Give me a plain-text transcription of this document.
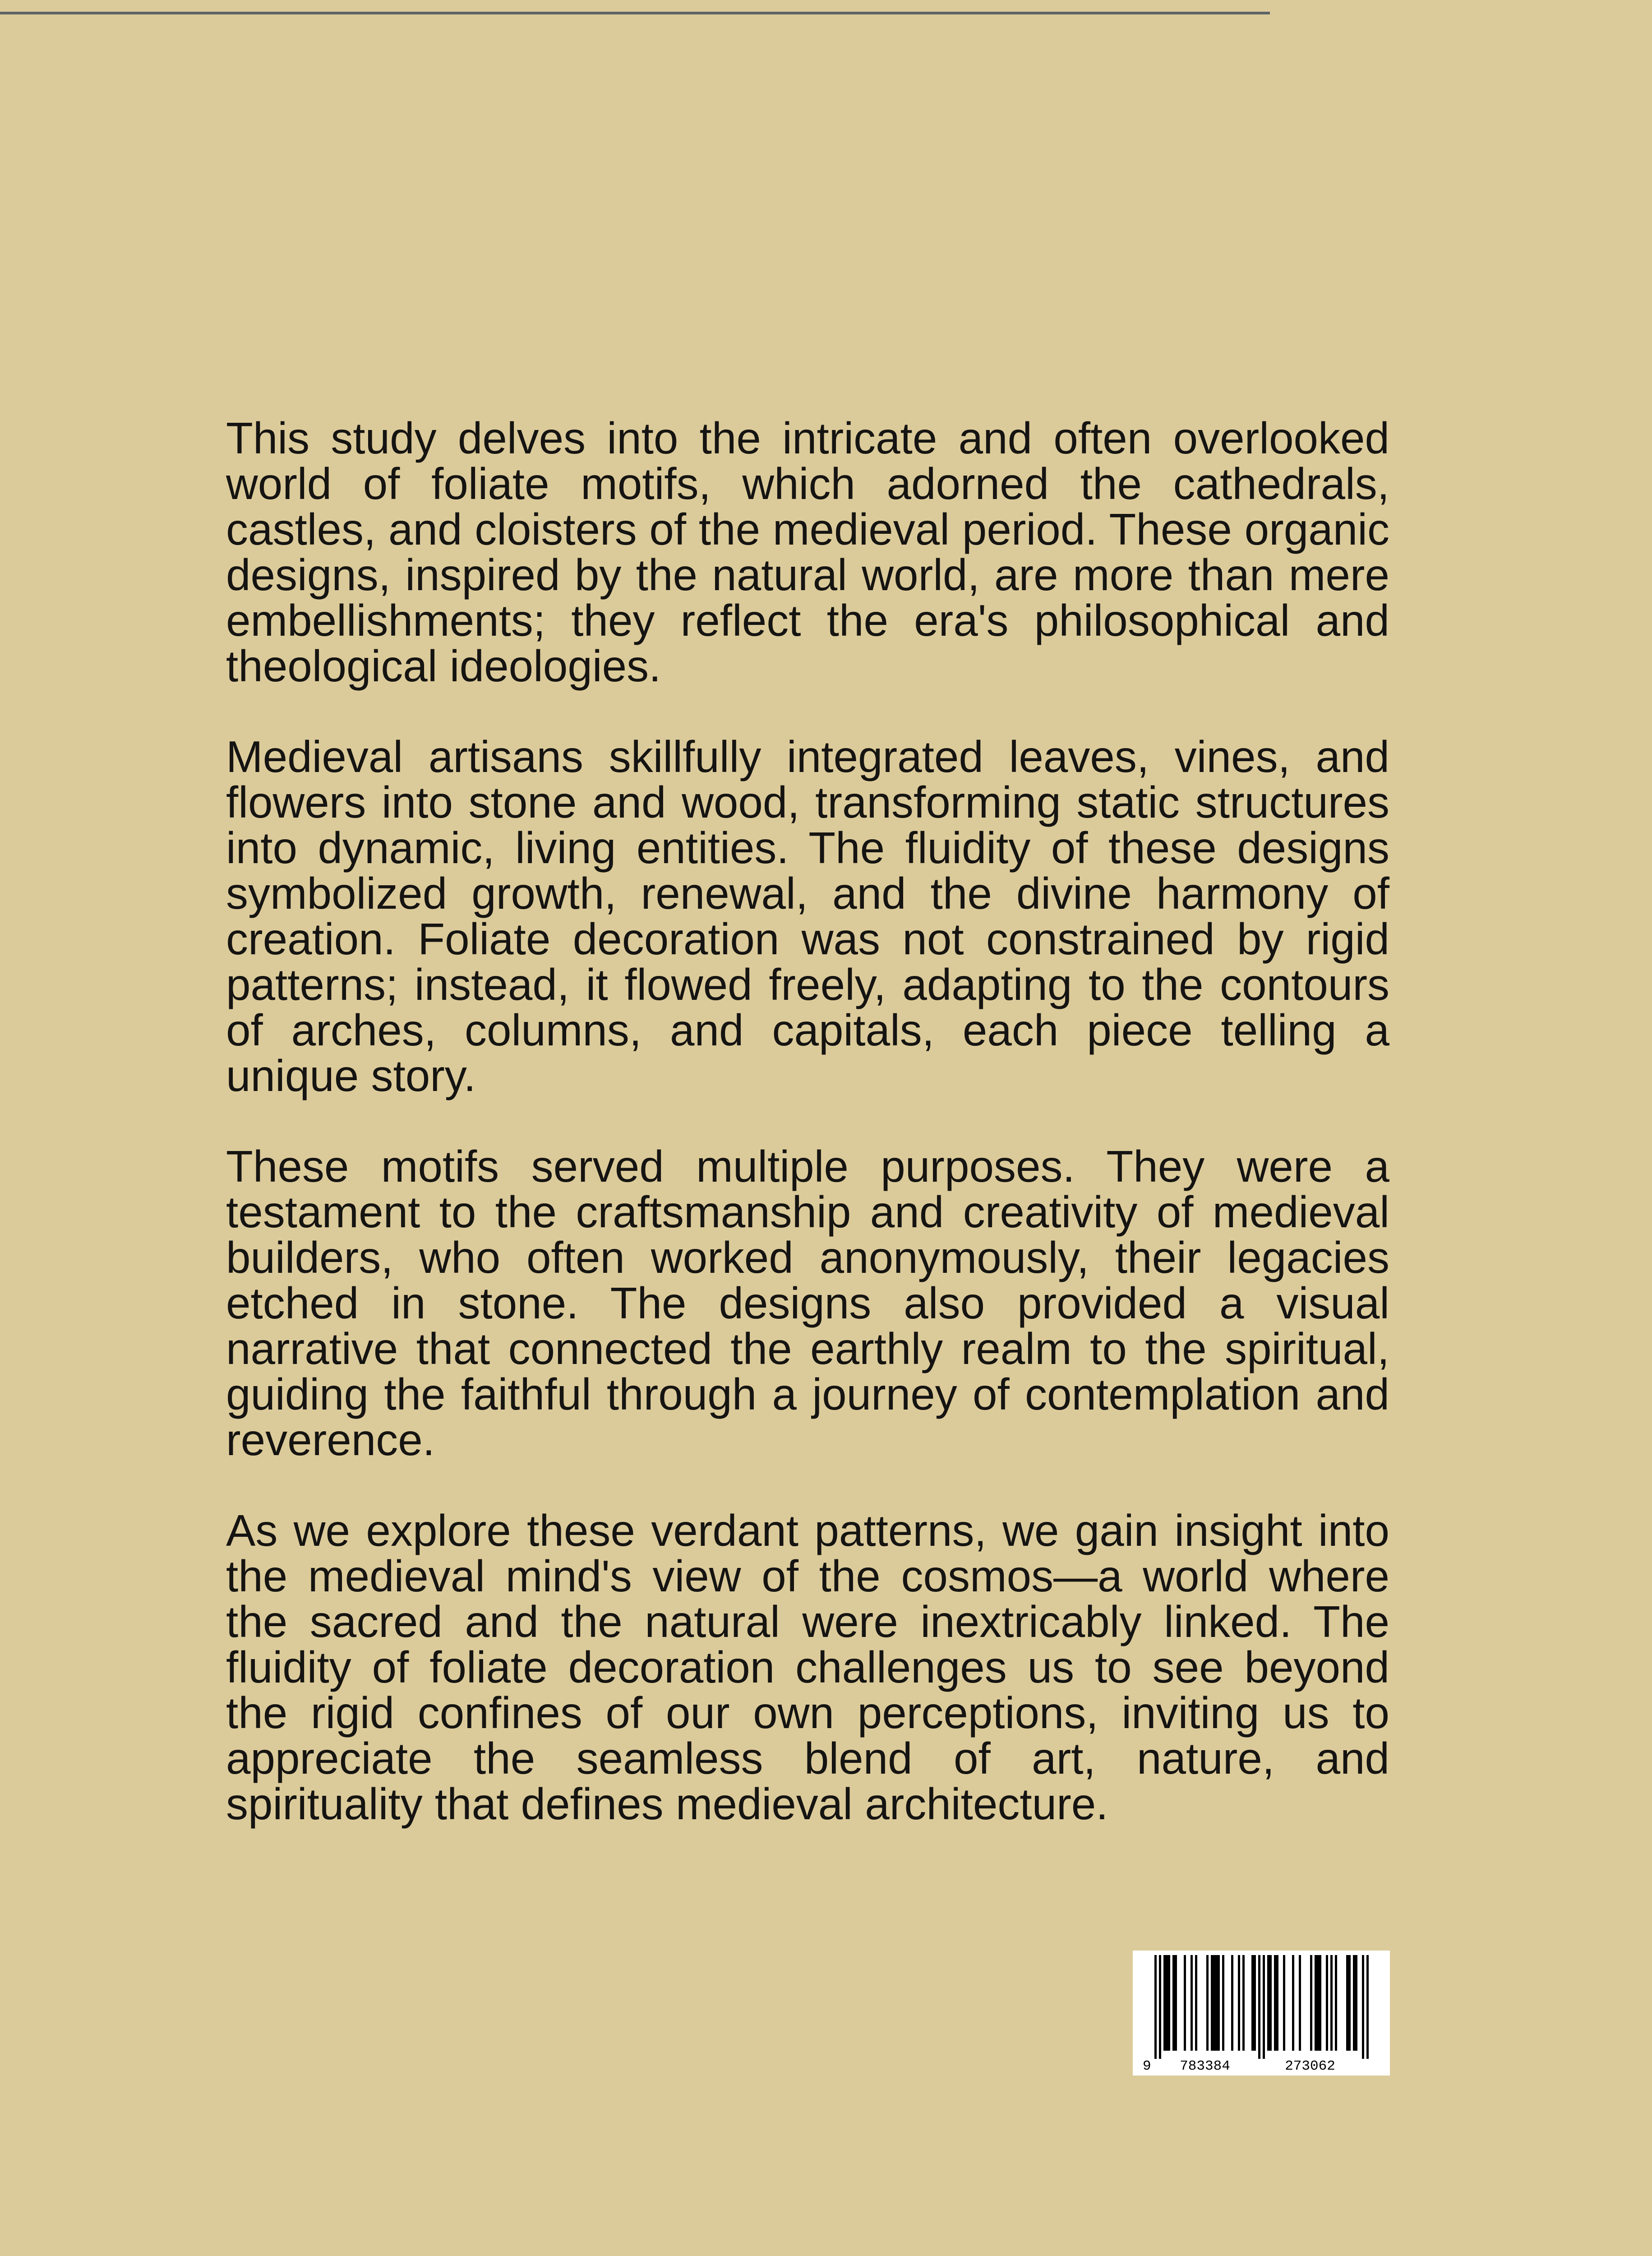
This study delves into the intricate and often overlooked world of foliate motifs, which adorned the cathedrals, castles, and cloisters of the medieval period. These organic designs, inspired by the natural world, are more than mere embellishments; they reflect the era's philosophical and theological ideologies.

Medieval artisans skillfully integrated leaves, vines, and flowers into stone and wood, transforming static structures into dynamic, living entities. The fluidity of these designs symbolized growth, renewal, and the divine harmony of creation. Foliate decoration was not constrained by rigid patterns; instead, it flowed freely, adapting to the contours of arches, columns, and capitals, each piece telling a unique story.

These motifs served multiple purposes. They were a testament to the craftsmanship and creativity of medieval builders, who often worked anonymously, their legacies etched in stone. The designs also provided a visual narrative that connected the earthly realm to the spiritual, guiding the faithful through a journey of contemplation and reverence.

As we explore these verdant patterns, we gain insight into the medieval mind's view of the cosmos—a world where the sacred and the natural were inextricably linked. The fluidity of foliate decoration challenges us to see beyond the rigid confines of our own perceptions, inviting us to appreciate the seamless blend of art, nature, and spirituality that defines medieval architecture.

9 783384	273062
